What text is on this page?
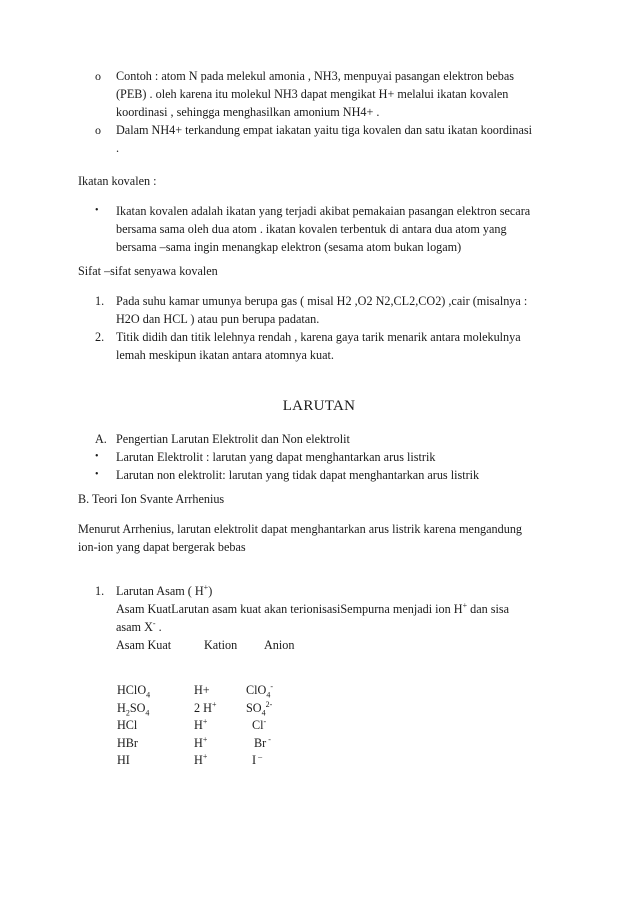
o Contoh : atom N pada melekul amonia , NH3, menpuyai pasangan elektron bebas
(PEB) . oleh karena itu molekul NH3 dapat mengikat H+ melalui ikatan kovalen
koordinasi , sehingga menghasilkan amonium NH4+ .
o Dalam NH4+ terkandung empat iakatan yaitu tiga kovalen dan satu ikatan koordinasi
.
Ikatan kovalen :
• Ikatan kovalen adalah ikatan yang terjadi akibat pemakaian pasangan elektron secara
bersama sama oleh dua atom . ikatan kovalen terbentuk di antara dua atom yang
bersama –sama ingin menangkap elektron (sesama atom bukan logam)
Sifat –sifat senyawa kovalen
1. Pada suhu kamar umunya berupa gas ( misal H2 ,O2 N2,CL2,CO2) ,cair (misalnya :
H2O dan HCL ) atau pun berupa padatan.
2. Titik didih dan titik lelehnya rendah , karena gaya tarik menarik antara molekulnya
lemah meskipun ikatan antara atomnya kuat.
LARUTAN
A. Pengertian Larutan Elektrolit dan Non elektrolit
• Larutan Elektrolit : larutan yang dapat menghantarkan arus listrik
• Larutan non elektrolit: larutan yang tidak dapat menghantarkan arus listrik
B. Teori Ion Svante Arrhenius
Menurut Arrhenius, larutan elektrolit dapat menghantarkan arus listrik karena mengandung
ion-ion yang dapat bergerak bebas
1. Larutan Asam ( H+)
Asam KuatLarutan asam kuat akan terionisasiSempurna menjadi ion H+ dan sisa
asam X- .
Asam Kuat	Kation Anion
HClO$_4$	H+	ClO$_4$-
$H_2SO_4$	2 H+	$SO_4^{2-}$
HCl	H+	Cl-
HBr	H+	Br -
HI	H+	I –
